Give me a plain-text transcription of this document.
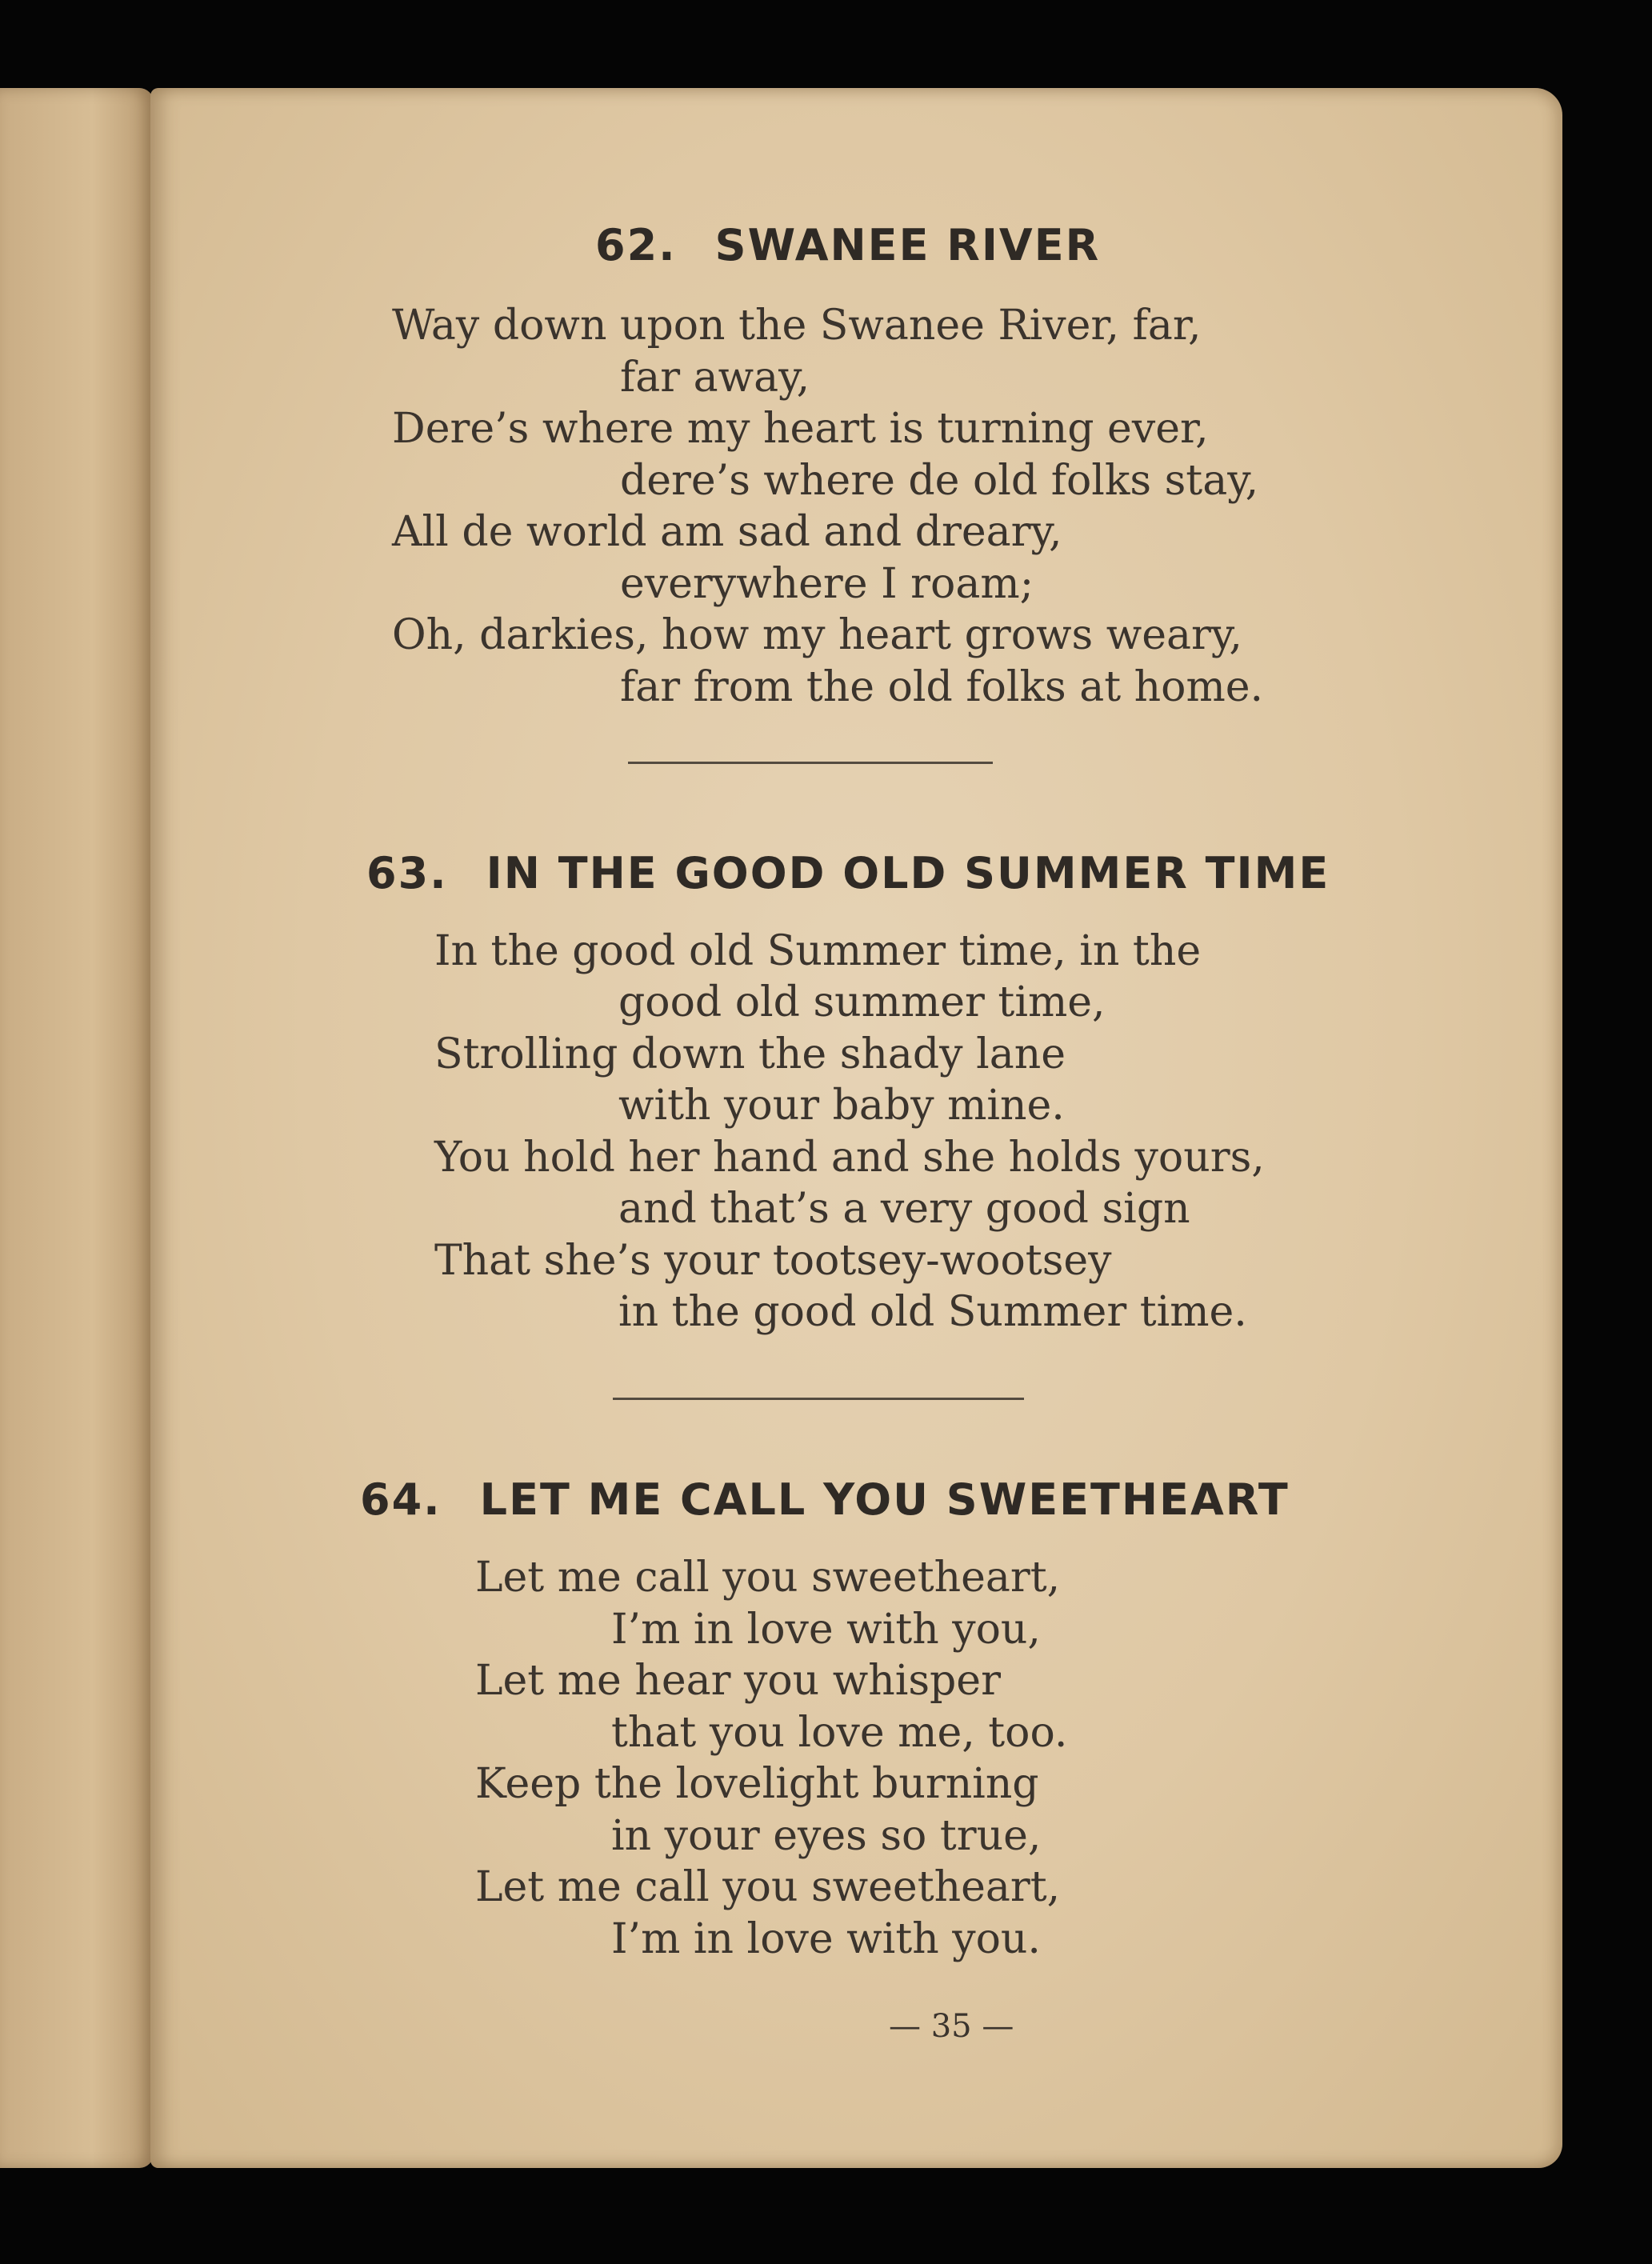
62. SWANEE RIVER
Way down upon the Swanee River, far,
far away,
Dere’s where my heart is turning ever,
dere’s where de old folks stay,
All de world am sad and dreary,
everywhere I roam;
Oh, darkies, how my heart grows weary,
far from the old folks at home.
63. IN THE GOOD OLD SUMMER TIME
In the good old Summer time, in the
good old summer time,
Strolling down the shady lane
with your baby mine.
You hold her hand and she holds yours,
and that’s a very good sign
That she’s your tootsey-wootsey
in the good old Summer time.
64. LET ME CALL YOU SWEETHEART
Let me call you sweetheart,
I’m in love with you,
Let me hear you whisper
that you love me, too.
Keep the lovelight burning
in your eyes so true,
Let me call you sweetheart,
I’m in love with you.
— 35 —
